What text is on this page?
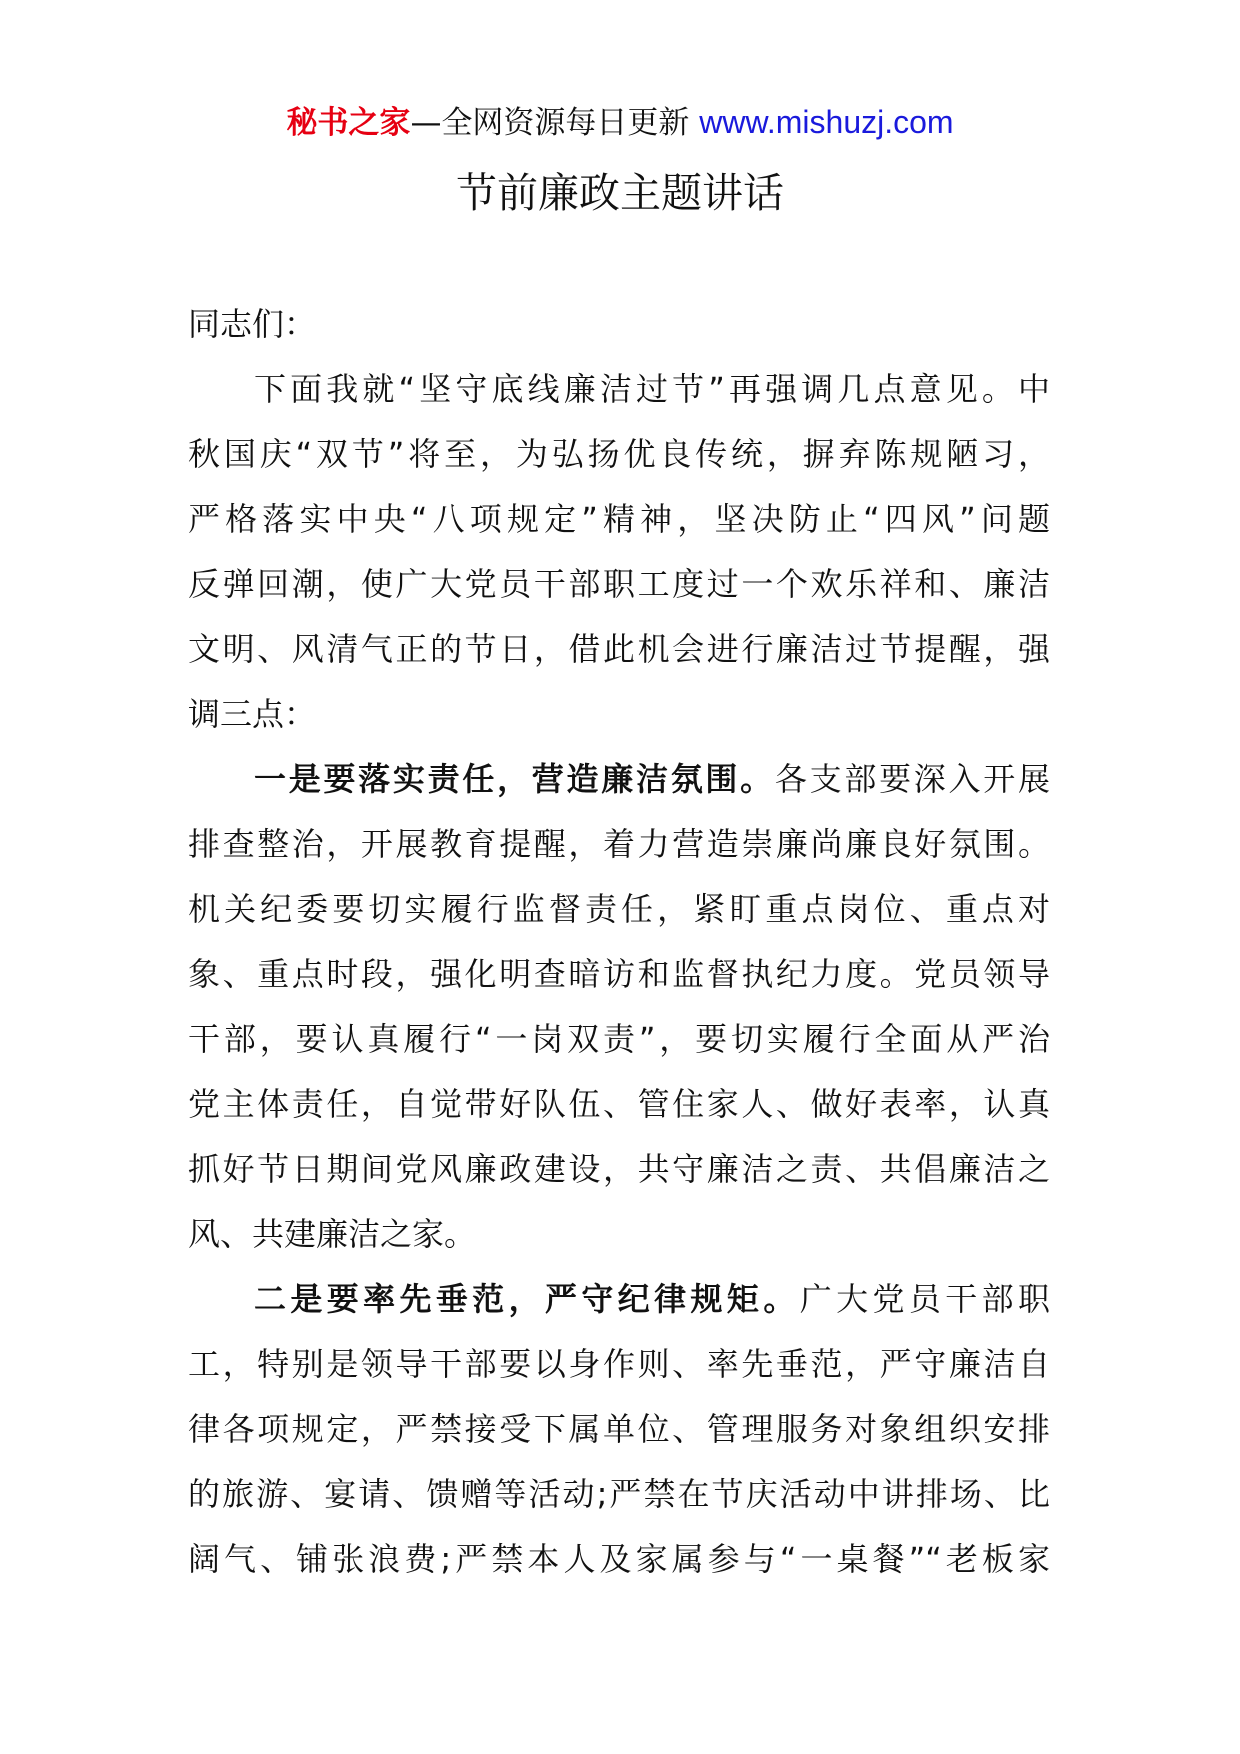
秘书之家—全网资源每日更新 www.mishuzj.com
节前廉政主题讲话
同志们：
下面我就“坚守底线廉洁过节”再强调几点意见。中
秋国庆“双节”将至，为弘扬优良传统，摒弃陈规陋习，
严格落实中央“八项规定”精神，坚决防止“四风”问题
反弹回潮，使广大党员干部职工度过一个欢乐祥和、廉洁
文明、风清气正的节日，借此机会进行廉洁过节提醒，强
调三点：
一是要落实责任，营造廉洁氛围。各支部要深入开展
排查整治，开展教育提醒，着力营造崇廉尚廉良好氛围。
机关纪委要切实履行监督责任，紧盯重点岗位、重点对
象、重点时段，强化明查暗访和监督执纪力度。党员领导
干部，要认真履行“一岗双责”，要切实履行全面从严治
党主体责任，自觉带好队伍、管住家人、做好表率，认真
抓好节日期间党风廉政建设，共守廉洁之责、共倡廉洁之
风、共建廉洁之家。
二是要率先垂范，严守纪律规矩。广大党员干部职
工，特别是领导干部要以身作则、率先垂范，严守廉洁自
律各项规定，严禁接受下属单位、管理服务对象组织安排
的旅游、宴请、馈赠等活动;严禁在节庆活动中讲排场、比
阔气、铺张浪费;严禁本人及家属参与“一桌餐”“老板家
